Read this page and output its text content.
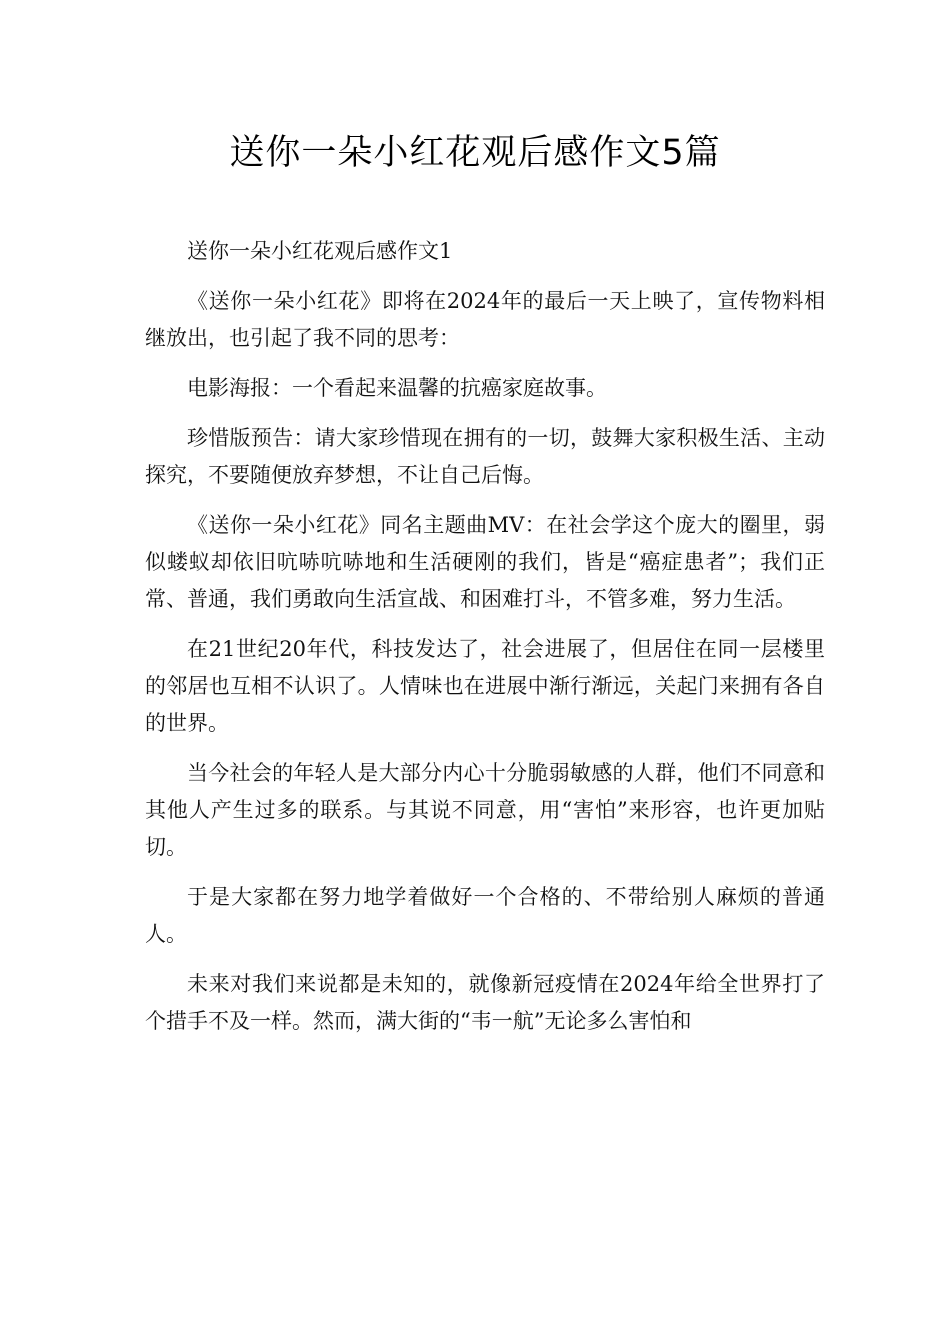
送你一朵小红花观后感作文5篇

送你一朵小红花观后感作文1

《送你一朵小红花》即将在2024年的最后一天上映了，宣传物料相继放出，也引起了我不同的思考：

电影海报：一个看起来温馨的抗癌家庭故事。

珍惜版预告：请大家珍惜现在拥有的一切，鼓舞大家积极生活、主动探究，不要随便放弃梦想，不让自己后悔。

《送你一朵小红花》同名主题曲MV：在社会学这个庞大的圈里，弱似蝼蚁却依旧吭哧吭哧地和生活硬刚的我们，皆是“癌症患者”；我们正常、普通，我们勇敢向生活宣战、和困难打斗，不管多难，努力生活。

在21世纪20年代，科技发达了，社会进展了，但居住在同一层楼里的邻居也互相不认识了。人情味也在进展中渐行渐远，关起门来拥有各自的世界。

当今社会的年轻人是大部分内心十分脆弱敏感的人群，他们不同意和其他人产生过多的联系。与其说不同意，用“害怕”来形容，也许更加贴切。

于是大家都在努力地学着做好一个合格的、不带给别人麻烦的普通人。

未来对我们来说都是未知的，就像新冠疫情在2024年给全世界打了个措手不及一样。然而，满大街的“韦一航”无论多么害怕和
